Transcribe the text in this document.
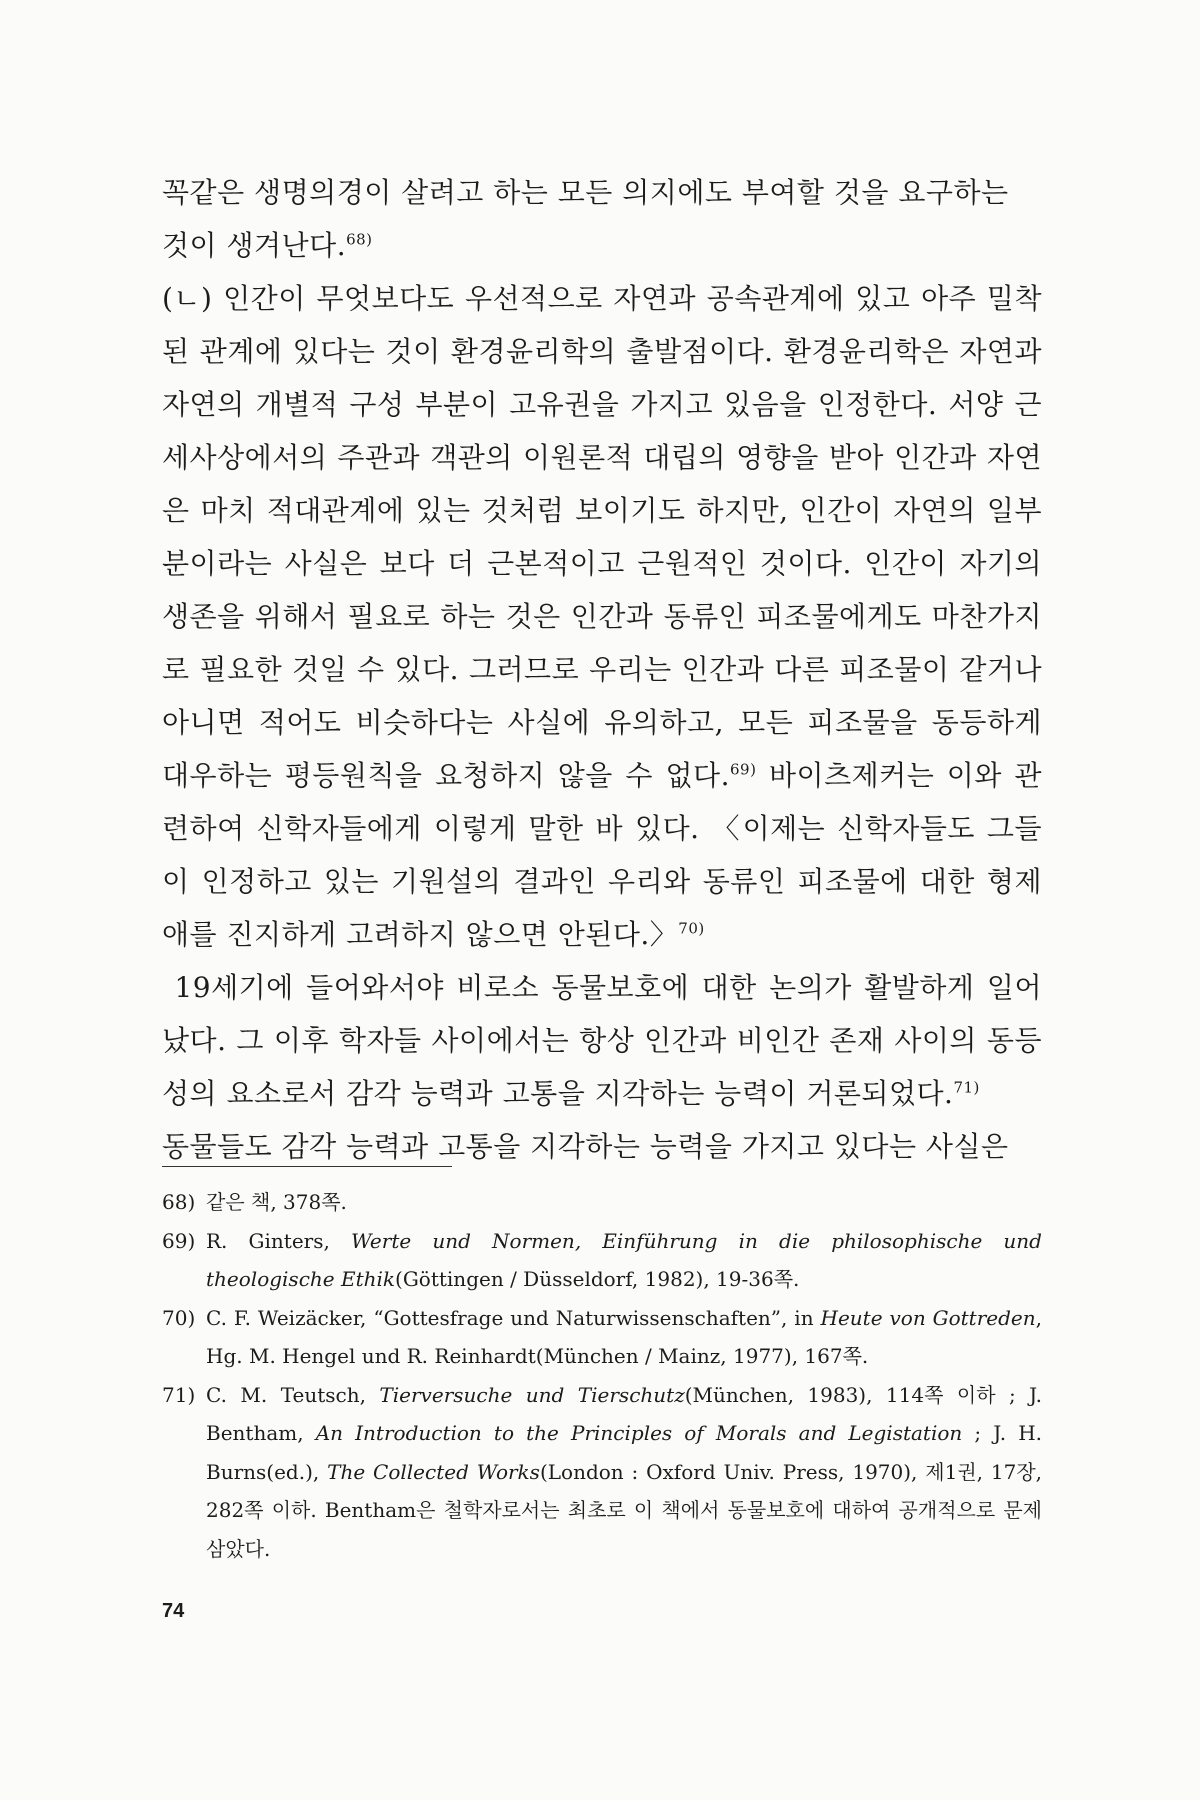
꼭같은 생명의경이 살려고 하는 모든 의지에도 부여할 것을 요구하는
것이 생겨난다.$^{68)}$

(ㄴ) 인간이 무엇보다도 우선적으로 자연과 공속관계에 있고 아주 밀착된 관계에 있다는 것이 환경윤리학의 출발점이다. 환경윤리학은 자연과 자연의 개별적 구성 부분이 고유권을 가지고 있음을 인정한다. 서양 근세사상에서의 주관과 객관의 이원론적 대립의 영향을 받아 인간과 자연은 마치 적대관계에 있는 것처럼 보이기도 하지만, 인간이 자연의 일부분이라는 사실은 보다 더 근본적이고 근원적인 것이다. 인간이 자기의 생존을 위해서 필요로 하는 것은 인간과 동류인 피조물에게도 마찬가지로 필요한 것일 수 있다. 그러므로 우리는 인간과 다른 피조물이 같거나 아니면 적어도 비슷하다는 사실에 유의하고, 모든 피조물을 동등하게 대우하는 평등원칙을 요청하지 않을 수 없다.$^{69)}$ 바이츠제커는 이와 관련하여 신학자들에게 이렇게 말한 바 있다. 〈이제는 신학자들도 그들이 인정하고 있는 기원설의 결과인 우리와 동류인 피조물에 대한 형제애를 진지하게 고려하지 않으면 안된다.〉$^{70)}$

19세기에 들어와서야 비로소 동물보호에 대한 논의가 활발하게 일어났다. 그 이후 학자들 사이에서는 항상 인간과 비인간 존재 사이의 동등성의 요소로서 감각 능력과 고통을 지각하는 능력이 거론되었다.$^{71)}$
동물들도 감각 능력과 고통을 지각하는 능력을 가지고 있다는 사실은

68) 같은 책, 378쪽.
69) R. Ginters, Werte und Normen, Einführung in die philosophische und theologische Ethik(Göttingen / Düsseldorf, 1982), 19-36쪽.
70) C. F. Weizäcker, “Gottesfrage und Naturwissenschaften”, in Heute von Gottreden, Hg. M. Hengel und R. Reinhardt(München / Mainz, 1977), 167쪽.
71) C. M. Teutsch, Tierversuche und Tierschutz(München, 1983), 114쪽 이하 ; J. Bentham, An Introduction to the Principles of Morals and Legistation ; J. H. Burns(ed.), The Collected Works(London : Oxford Univ. Press, 1970), 제1권, 17장, 282쪽 이하. Bentham은 철학자로서는 최초로 이 책에서 동물보호에 대하여 공개적으로 문제삼았다.
74
